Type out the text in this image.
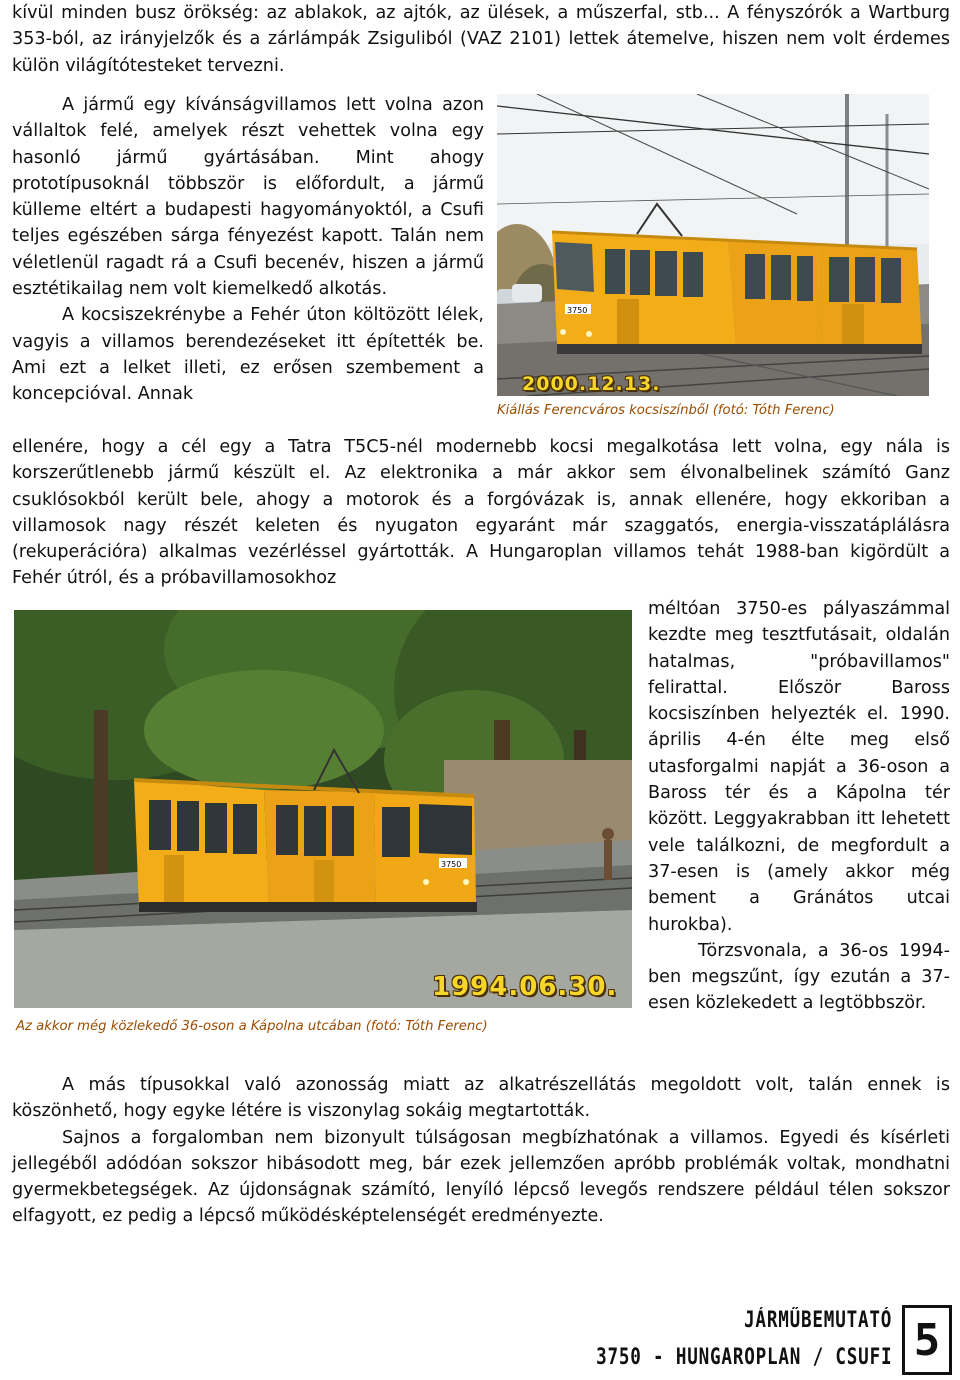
kívül minden busz örökség: az ablakok, az ajtók, az ülések, a műszerfal, stb... A fényszórók a Wartburg 353-ból, az irányjelzők és a zárlámpák Zsiguliból (VAZ 2101) lettek átemelve, hiszen nem volt érdemes külön világítótesteket tervezni.

A jármű egy kívánságvillamos lett volna azon vállaltok felé, amelyek részt vehettek volna egy hasonló jármű gyártásában. Mint ahogy prototípusoknál többször is előfordult, a jármű külleme eltért a budapesti hagyományoktól, a Csufi teljes egészében sárga fényezést kapott. Talán nem véletlenül ragadt rá a Csufi becenév, hiszen a jármű esztétikailag nem volt kiemelkedő alkotás.

A kocsiszekrénybe a Fehér úton költözött lélek, vagyis a villamos berendezéseket itt építették be. Ami ezt a lelket illeti, ez erősen szembement a koncepcióval. Annak

ellenére, hogy a cél egy a Tatra T5C5-nél modernebb kocsi megalkotása lett volna, egy nála is korszerűtlenebb jármű készült el. Az elektronika a már akkor sem élvonalbelinek számító Ganz csuklósokból került bele, ahogy a motorok és a forgóvázak is, annak ellenére, hogy ekkoriban a villamosok nagy részét keleten és nyugaton egyaránt már szaggatós, energia-visszatáplálásra (rekuperációra) alkalmas vezérléssel gyártották. A Hungaroplan villamos tehát 1988-ban kigördült a Fehér útról, és a próbavillamosokhoz

méltóan 3750-es pályaszámmal kezdte meg tesztfutásait, oldalán hatalmas, "próbavillamos" felirattal. Először Baross kocsiszínben helyezték el. 1990. április 4-én élte meg első utasforgalmi napját a 36-oson a Baross tér és a Kápolna tér között. Leggyakrabban itt lehetett vele találkozni, de megfordult a 37-esen is (amely akkor még bement a Gránátos utcai hurokba).

Törzsvonala, a 36-os 1994-ben megszűnt, így ezután a 37-esen közlekedett a legtöbbször.

A más típusokkal való azonosság miatt az alkatrészellátás megoldott volt, talán ennek is köszönhető, hogy egyke létére is viszonylag sokáig megtartották.

Sajnos a forgalomban nem bizonyult túlságosan megbízhatónak a villamos. Egyedi és kísérleti jellegéből adódóan sokszor hibásodott meg, bár ezek jellemzően apróbb problémák voltak, mondhatni gyermekbetegségek. Az újdonságnak számító, lenyíló lépcső levegős rendszere például télen sokszor elfagyott, ez pedig a lépcső működésképtelenségét eredményezte.

3750
2000.12.13.
Kiállás Ferencváros kocsiszínből (fotó: Tóth Ferenc)
3750
1994.06.30.
Az akkor még közlekedő 36-oson a Kápolna utcában (fotó: Tóth Ferenc)
JÁRMŰBEMUTATÓ
3750 - HUNGAROPLAN / CSUFI 5
